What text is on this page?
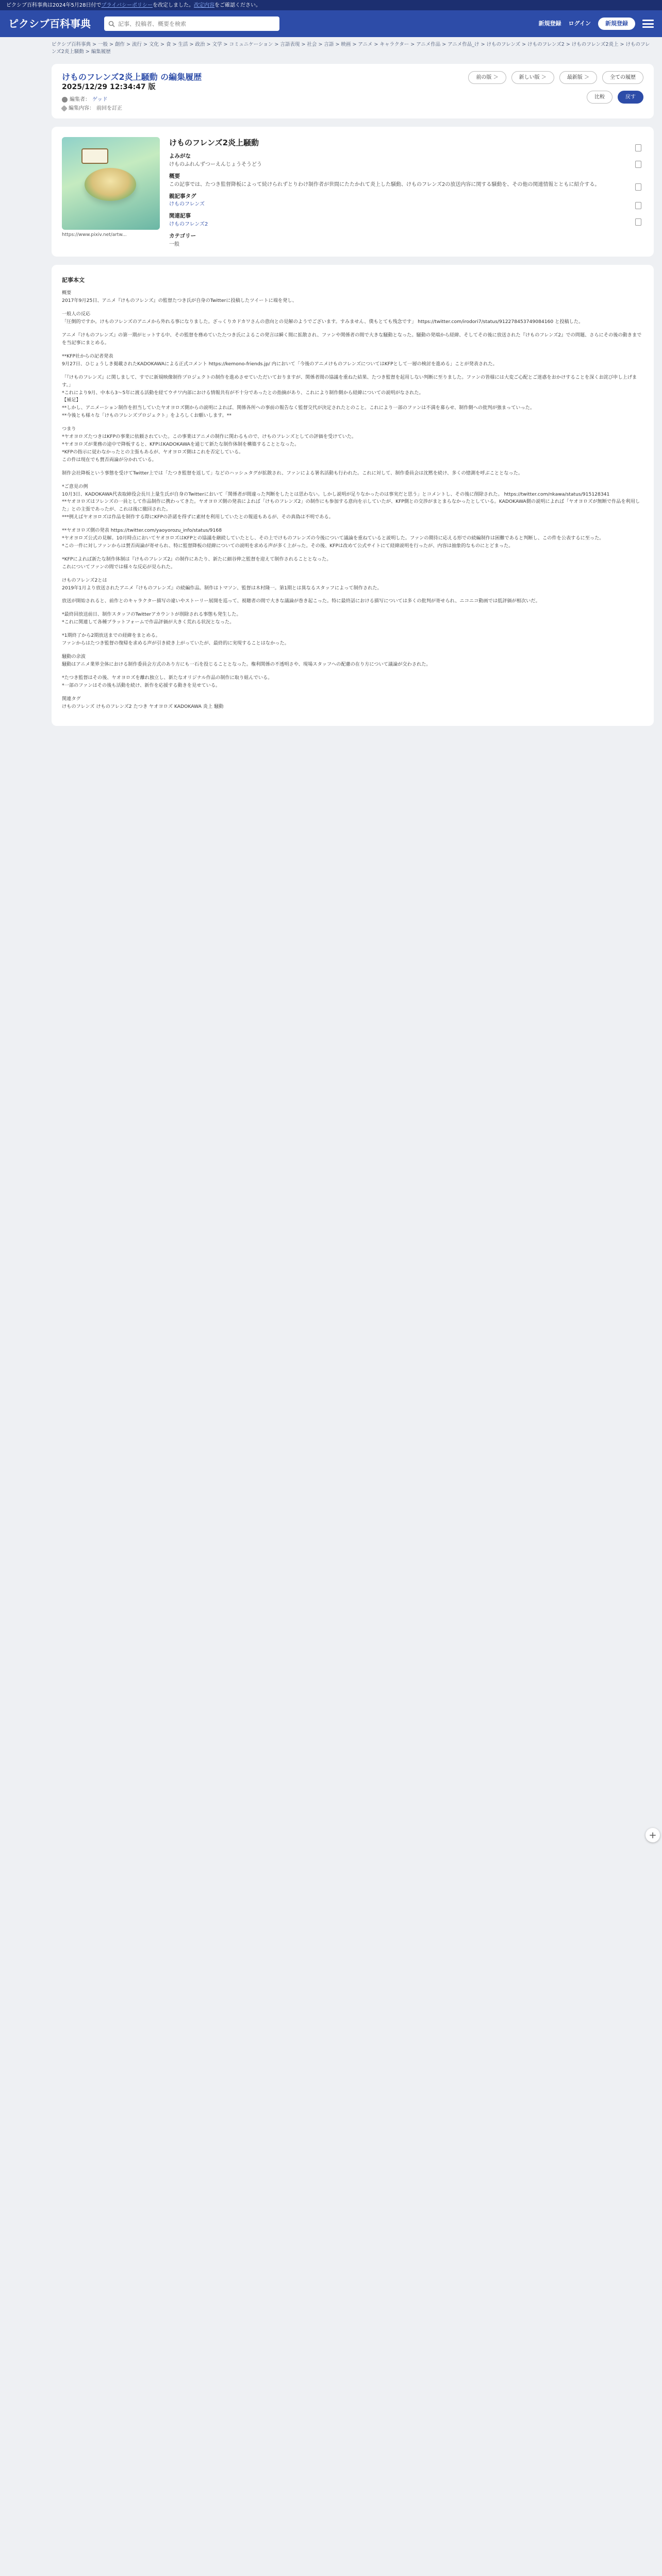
ピクシブ百科事典は2024年5月28日付でプライバシーポリシーを改定しました。改定内容をご確認ください。
ピクシブ百科事典
記事、投稿者、概要を検索	新規登録 ログイン	新規登録
ピクシブ百科事典 > 一般 > 創作 > 流行 > 文化 > 食 > 生活 > 政治 > 文学 > コミュニケーション > 言語表現 > 社会 > 言語 > 映画 > アニメ > キャラクター > アニメ作品 > アニメ作品_け > けものフレンズ > けものフレンズ2 > けものフレンズ2炎上 > けものフレンズ2炎上騒動 > 編集履歴
けものフレンズ2炎上騒動 の編集履歴
2025/12/29 12:34:47 版
編集者： ゲッド
編集内容： 前回を訂正
前の版 ＞	新しい版 ＞	最新版 ＞	全ての履歴
比較	戻す
https://www.pixiv.net/artw...
けものフレンズ2炎上騒動
よみがな
けものふれんずつーえんじょうそうどう
概要
この記事では、たつき監督降板によって続けられずとりわけ制作者が世間にたたかれて炎上した騒動、けものフレンズ2の放送内容に関する騒動を、その他の関連情報とともに紹介する。
親記事タグ
けものフレンズ
関連記事
けものフレンズ2
カテゴリー
一般
記事本文

概要

2017年9月25日、アニメ『けものフレンズ』の監督たつき氏が自身のTwitterに投稿したツイートに端を発し、

一般人の反応

「圧倒的ですか。けものフレンズのアニメから外れる事になりました。ざっくりカドカワさんの意向との見解のようでございます。すみません、僕もとても残念です」 https://twitter.com/irodori7/status/912278453749084160 と投稿した。

アニメ『けものフレンズ』の第一期がヒットする中、その監督を務めていたたつき氏によるこの発言は瞬く間に拡散され、ファンや関係者の間で大きな騒動となった。騒動の発端から経緯、そしてその後に放送された『けものフレンズ2』での問題、さらにその後の動きまでを当記事にまとめる。

**KFP社からの記者発表

9月27日、ひじょうしき掲載されたKADOKAWAによる正式コメント https://kemono-friends.jp/ 内において「今後のアニメけものフレンズについてはKFPとして一層の検討を進める」ことが発表された。

「『けものフレンズ』に関しまして、すでに新規映像制作プロジェクトの制作を進めさせていただいておりますが、関係者間の協議を重ねた結果、たつき監督を起用しない判断に至りました。ファンの皆様には大変ご心配とご迷惑をおかけすることを深くお詫び申し上げます。」

*これにより9月、中本ら3〜5年に渡る活動を経てウチワ内部における情報共有が不十分であったとの指摘があり、これにより制作側から経緯についての説明がなされた。

【補足】

**しかし、アニメーション制作を担当していたヤオヨロズ側からの説明によれば、関係各所への事前の報告なく監督交代が決定されたとのこと。これにより一部のファンは不満を募らせ、制作側への批判が強まっていった。

**今後とも様々な「けものフレンズプロジェクト」をよろしくお願いします。**

つまり

*ヤオヨロズたつきはKFPの事業に依頼されていた。この事業はアニメの制作に関わるもので、けものフレンズとしての評価を受けていた。

*ヤオヨロズが業務の途中で降板すると、KFPはKADOKAWAを通じて新たな制作体制を構築することとなった。

*KFPの指示に従わなかったとの主張もあるが、ヤオヨロズ側はこれを否定している。

この件は現在でも賛否両論が分かれている。

制作会社降板という事態を受けてTwitter上では「たつき監督を返して」などのハッシュタグが拡散され、ファンによる署名活動も行われた。これに対して、制作委員会は沈黙を続け、多くの憶測を呼ぶこととなった。

*ご意見の例

10月3日、KADOKAWA代表取締役会長川上量生氏が自身のTwitterにおいて「関係者が間違った判断をしたとは思わない。しかし説明が足りなかったのは事実だと思う」とコメントし、その後に削除された。 https://twitter.com/nkawa/status/915128341

**ヤオヨロズはフレンズの一員として作品制作に携わってきた。ヤオヨロズ側の発表によれば「けものフレンズ2」の制作にも参加する意向を示していたが、KFP側との交渉がまとまらなかったとしている。KADOKAWA側の説明によれば「ヤオヨロズが無断で作品を利用した」との主張であったが、これは後に撤回された。

***例えばヤオヨロズは作品を制作する際にKFPの許諾を得ずに素材を利用していたとの報道もあるが、その真偽は不明である。

**ヤオヨロズ側の発表 https://twitter.com/yaoyorozu_info/status/9168

*ヤオヨロズ公式の見解。10月時点においてヤオヨロズはKFPとの協議を継続していたとし、その上でけものフレンズの今後について議論を重ねていると説明した。ファンの期待に応える形での続編制作は困難であると判断し、この件を公表するに至った。

*この一件に対しファンからは賛否両論が寄せられ、特に監督降板の経緯についての説明を求める声が多く上がった。その後、KFPは改めて公式サイトにて経緯説明を行ったが、内容は抽象的なものにとどまった。

*KFPによれば新たな制作体制は『けものフレンズ2』の制作にあたり、新たに細谷伸之監督を迎えて制作されることとなった。

これについてファンの間では様々な反応が見られた。

けものフレンズ2とは

2019年1月より放送されたアニメ『けものフレンズ』の続編作品。制作はトマソン、監督は木村隆一。第1期とは異なるスタッフによって制作された。

放送が開始されると、前作とのキャラクター描写の違いやストーリー展開を巡って、視聴者の間で大きな議論が巻き起こった。特に最終話における描写については多くの批判が寄せられ、ニコニコ動画では低評価が相次いだ。

*最終回放送前日、制作スタッフのTwitterアカウントが削除される事態も発生した。

*これに関連して各種プラットフォームで作品評価が大きく荒れる状況となった。

*1期終了から2期放送までの経緯をまとめる。

ファンからはたつき監督の復帰を求める声が引き続き上がっていたが、最終的に実現することはなかった。

騒動の余波

騒動はアニメ業界全体における制作委員会方式のあり方にも一石を投じることとなった。権利関係の不透明さや、現場スタッフへの配慮の在り方について議論が交わされた。

*たつき監督はその後、ヤオヨロズを離れ独立し、新たなオリジナル作品の制作に取り組んでいる。

*一部のファンはその後も活動を続け、新作を応援する動きを見せている。

関連タグ

けものフレンズ けものフレンズ2 たつき ヤオヨロズ KADOKAWA 炎上 騒動

+
